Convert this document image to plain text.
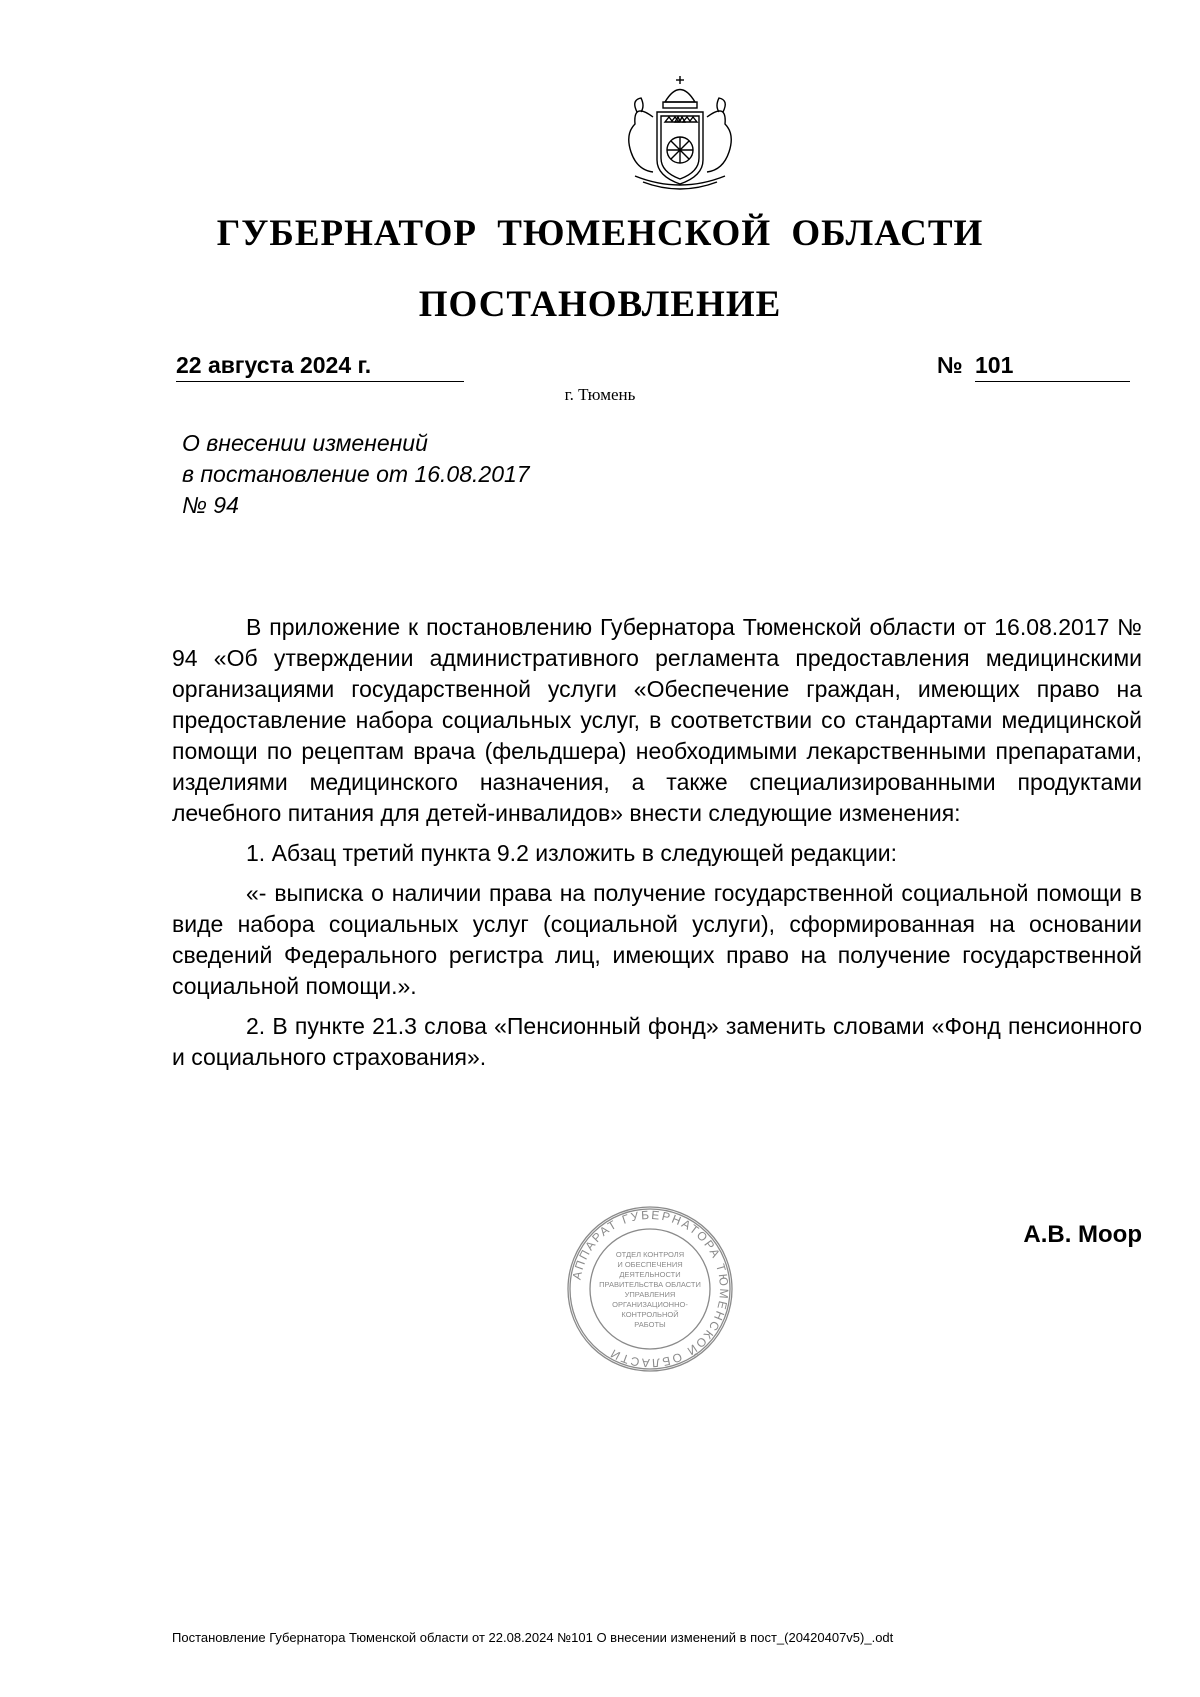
ГУБЕРНАТОР ТЮМЕНСКОЙ ОБЛАСТИ
ПОСТАНОВЛЕНИЕ
22 августа 2024 г.	№ 101
г. Тюмень
О внесении изменений
в постановление от 16.08.2017
№ 94

В приложение к постановлению Губернатора Тюменской области от 16.08.2017 № 94 «Об утверждении административного регламента предоставления медицинскими организациями государственной услуги «Обеспечение граждан, имеющих право на предоставление набора социальных услуг, в соответствии со стандартами медицинской помощи по рецептам врача (фельдшера) необходимыми лекарственными препаратами, изделиями медицинского назначения, а также специализированными продуктами лечебного питания для детей-инвалидов» внести следующие изменения:

1. Абзац третий пункта 9.2 изложить в следующей редакции:

«- выписка о наличии права на получение государственной социальной помощи в виде набора социальных услуг (социальной услуги), сформированная на основании сведений Федерального регистра лиц, имеющих право на получение государственной социальной помощи.».

2. В пункте 21.3 слова «Пенсионный фонд» заменить словами «Фонд пенсионного и социального страхования».

АППАРАТ ГУБЕРНАТОРА ТЮМЕНСКОЙ ОБЛАСТИ
ОТДЕЛ КОНТРОЛЯ
И ОБЕСПЕЧЕНИЯ
ДЕЯТЕЛЬНОСТИ
ПРАВИТЕЛЬСТВА ОБЛАСТИ
УПРАВЛЕНИЯ
ОРГАНИЗАЦИОННО-
КОНТРОЛЬНОЙ
РАБОТЫ
А.В. Моор
Постановление Губернатора Тюменской области от 22.08.2024 №101 О внесении изменений в пост_(20420407v5)_.odt
